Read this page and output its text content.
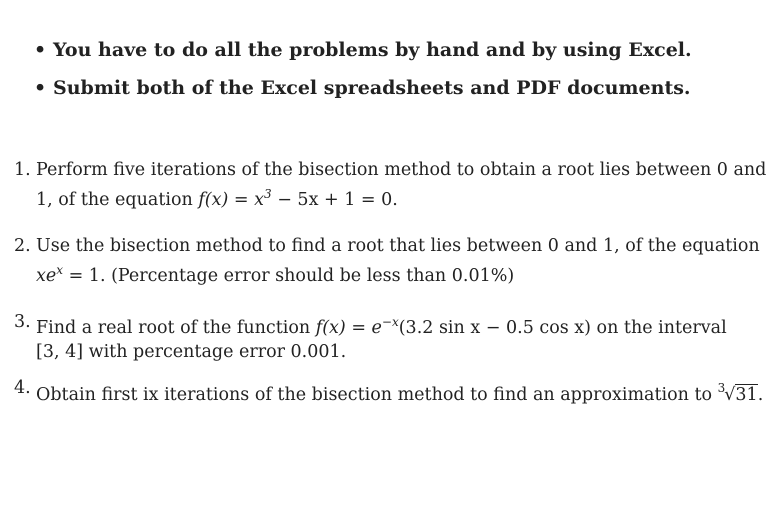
• You have to do all the problems by hand and by using Excel.
• Submit both of the Excel spreadsheets and PDF documents.
1. Perform five iterations of the bisection method to obtain a root lies between 0 and
1, of the equation $f(x) = x^3 - 5x + 1 = 0$.
2. Use the bisection method to find a root that lies between 0 and 1, of the equation
$xe^x = 1$. (Percentage error should be less than 0.01%)
3. Find a real root of the function $f(x) = e^{-x}(3.2$ sin x − 0.5 cos x) on the interval
[3, 4] with percentage error 0.001.
4. Obtain first ix iterations of the bisection method to find an approximation to $^3$√31.
